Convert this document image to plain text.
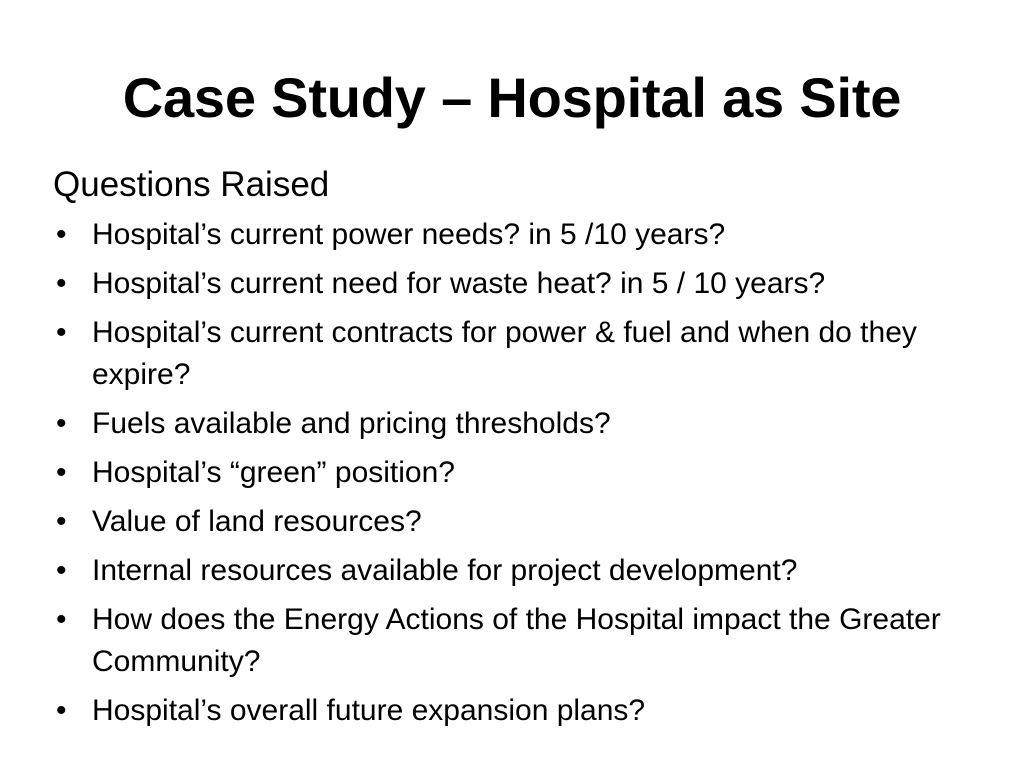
Case Study – Hospital as Site
Questions Raised
• Hospital’s current power needs? in 5 /10 years?
• Hospital’s current need for waste heat? in 5 / 10 years?
• Hospital’s current contracts for power & fuel and when do they expire?
• Fuels available and pricing thresholds?
• Hospital’s “green” position?
• Value of land resources?
• Internal resources available for project development?
• How does the Energy Actions of the Hospital impact the Greater Community?
• Hospital’s overall future expansion plans?
